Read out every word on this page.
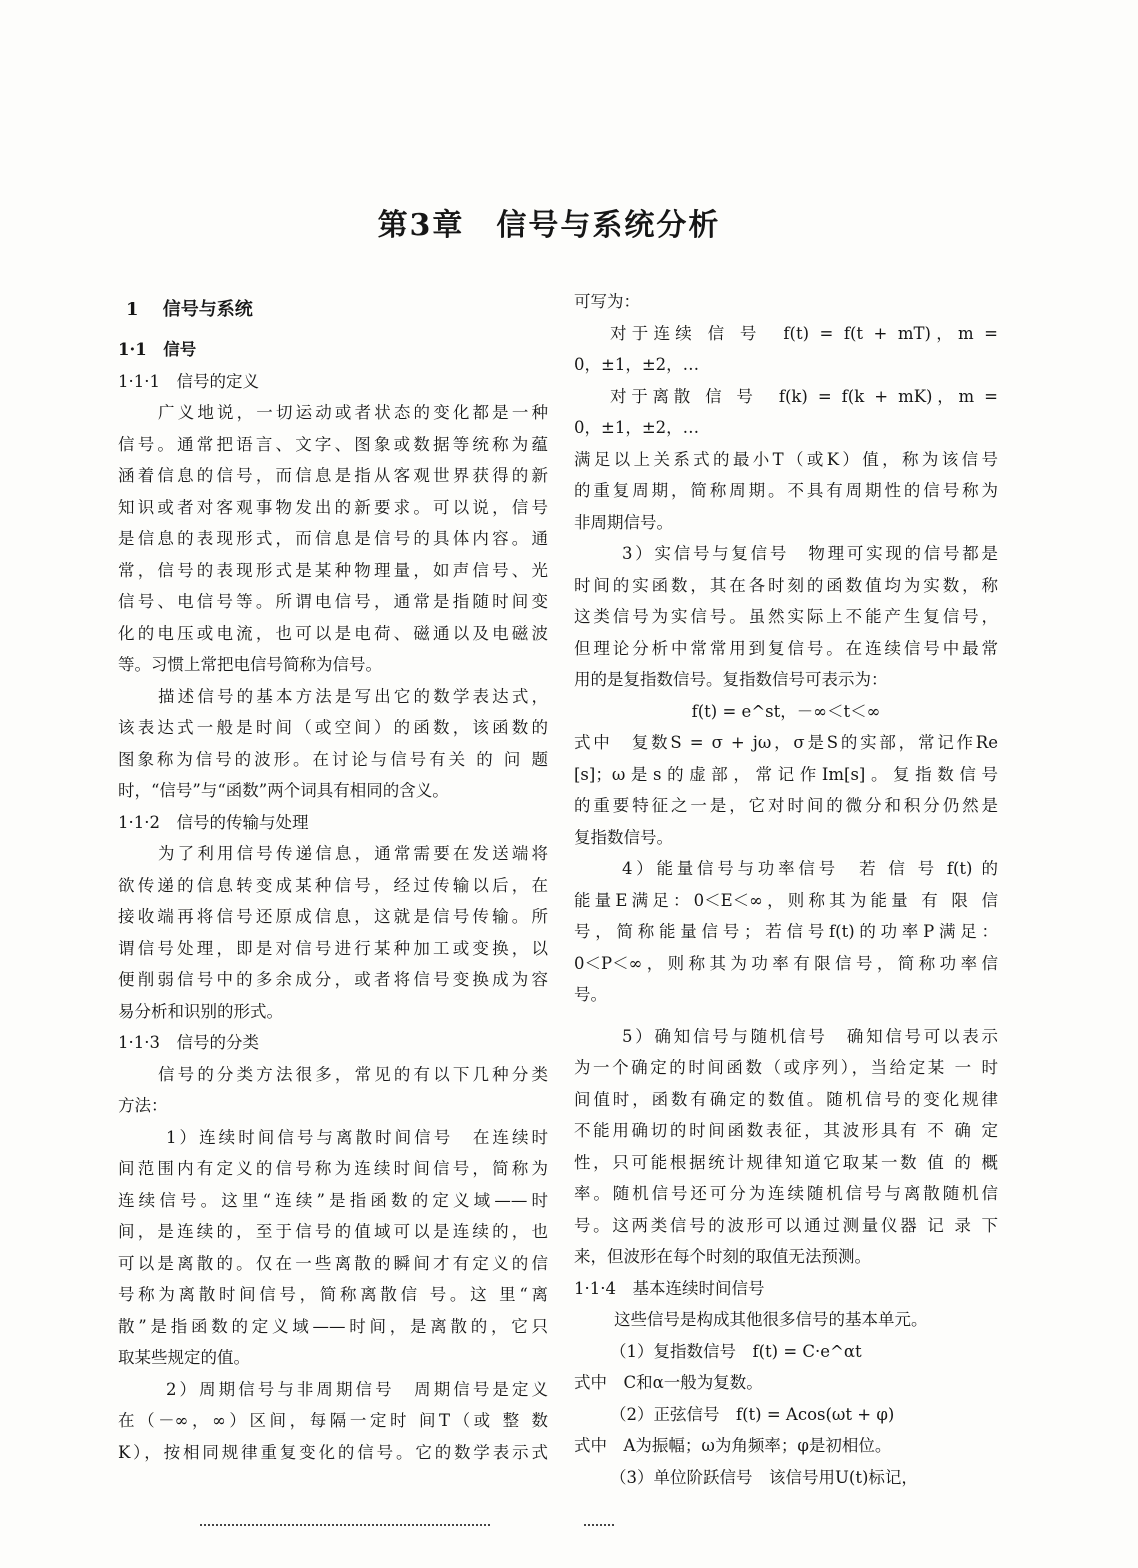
第3章　信号与系统分析
1　 信号与系统
1·1　信号
1·1·1　信号的定义
广义地说，一切运动或者状态的变化都是一种
信号。通常把语言、文字、图象或数据等统称为蕴
涵着信息的信号，而信息是指从客观世界获得的新
知识或者对客观事物发出的新要求。可以说，信号
是信息的表现形式，而信息是信号的具体内容。通
常，信号的表现形式是某种物理量，如声信号、光
信号、电信号等。所谓电信号，通常是指随时间变
化的电压或电流，也可以是电荷、磁通以及电磁波
等。习惯上常把电信号简称为信号。
描述信号的基本方法是写出它的数学表达式，
该表达式一般是时间（或空间）的函数，该函数的
图象称为信号的波形。在讨论与信号有关 的 问 题
时，“信号”与“函数”两个词具有相同的含义。
1·1·2　信号的传输与处理
为了利用信号传递信息，通常需要在发送端将
欲传递的信息转变成某种信号，经过传输以后，在
接收端再将信号还原成信息，这就是信号传输。所
谓信号处理，即是对信号进行某种加工或变换，以
便削弱信号中的多余成分，或者将信号变换成为容
易分析和识别的形式。
1·1·3　信号的分类
信号的分类方法很多，常见的有以下几种分类
方法：
1）连续时间信号与离散时间信号　在连续时
间范围内有定义的信号称为连续时间信号，简称为
连续信号。这里“连续”是指函数的定义域——时
间，是连续的，至于信号的值域可以是连续的，也
可以是离散的。仅在一些离散的瞬间才有定义的信
号称为离散时间信号，简称离散信 号。这 里“离
散”是指函数的定义域——时间，是离散的，它只
取某些规定的值。
2）周期信号与非周期信号　周期信号是定义
在（－∞，∞）区间，每隔一定时 间T（或 整 数
K），按相同规律重复变化的信号。它的数学表示式
可写为：
对于连续 信 号　f(t) = f(t + mT)，m =
0，±1，±2，…
对于离散 信 号　f(k) = f(k + mK)，m =
0，±1，±2，…
满足以上关系式的最小T（或K）值，称为该信号
的重复周期，简称周期。不具有周期性的信号称为
非周期信号。
3）实信号与复信号　物理可实现的信号都是
时间的实函数，其在各时刻的函数值均为实数，称
这类信号为实信号。虽然实际上不能产生复信号，
但理论分析中常常用到复信号。在连续信号中最常
用的是复指数信号。复指数信号可表示为：
f(t) = e^st，－∞＜t＜∞
式中　复数S = σ + jω，σ是S的实部，常记作Re
[s]；ω是s的虚部，常记作Im[s]。复指数信号
的重要特征之一是，它对时间的微分和积分仍然是
复指数信号。
4）能量信号与功率信号　若 信 号 f(t) 的
能量E满足：0＜E＜∞，则称其为能量 有 限 信
号，简称能量信号；若信号f(t)的功率P满足：
0＜P＜∞，则称其为功率有限信号，简称功率信
号。
5）确知信号与随机信号　确知信号可以表示
为一个确定的时间函数（或序列），当给定某 一 时
间值时，函数有确定的数值。随机信号的变化规律
不能用确切的时间函数表征，其波形具有 不 确 定
性，只可能根据统计规律知道它取某一数 值 的 概
率。随机信号还可分为连续随机信号与离散随机信
号。这两类信号的波形可以通过测量仪器 记 录 下
来，但波形在每个时刻的取值无法预测。
1·1·4　基本连续时间信号
这些信号是构成其他很多信号的基本单元。
（1）复指数信号　f(t) = C·e^αt
式中　C和α一般为复数。
（2）正弦信号　f(t) = Acos(ωt + φ)
式中　A为振幅；ω为角频率；φ是初相位。
（3）单位阶跃信号　该信号用U(t)标记，
